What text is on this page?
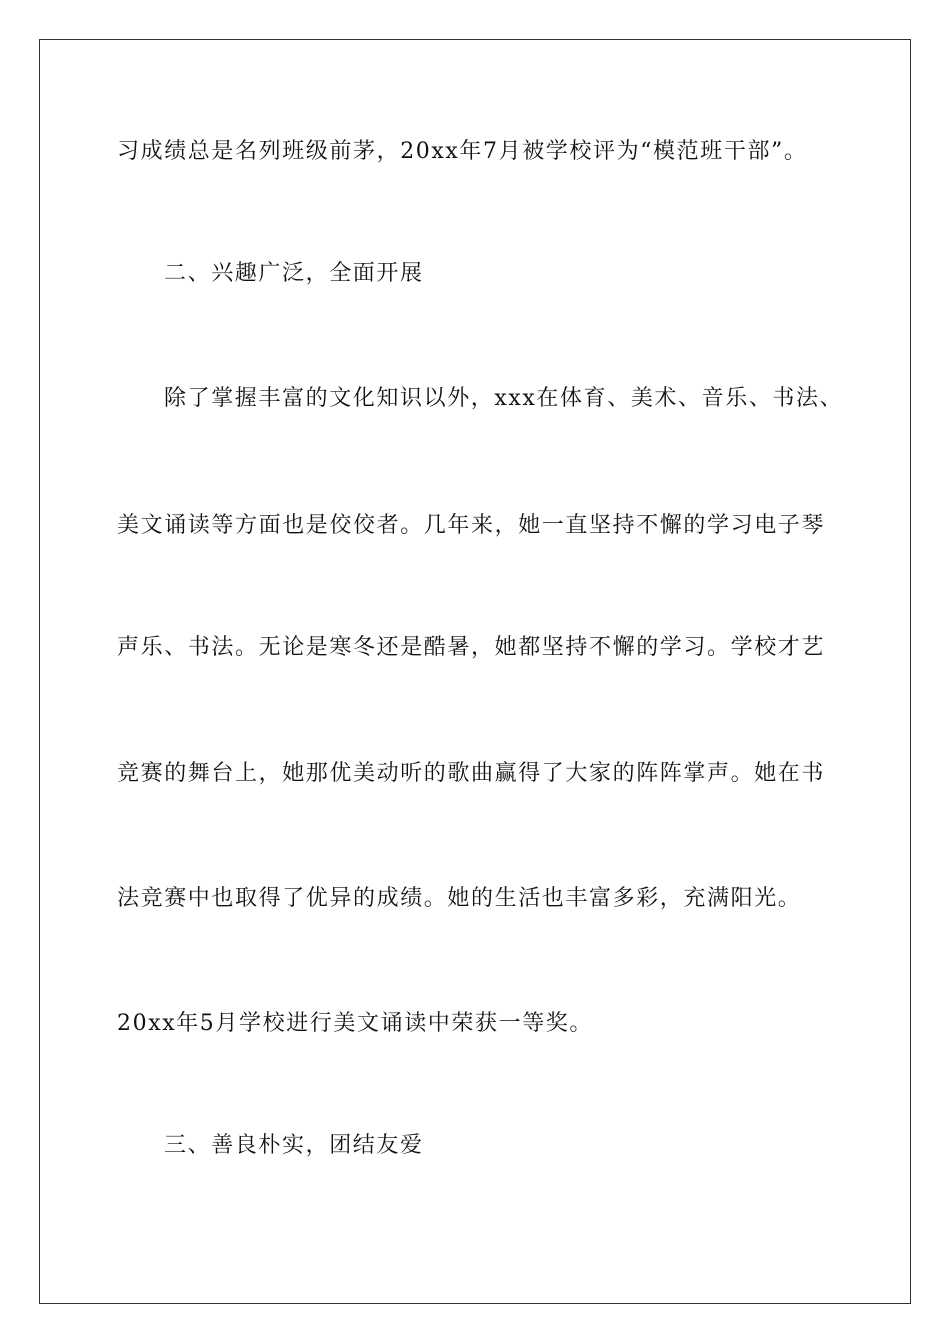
习成绩总是名列班级前茅，20xx年7月被学校评为“模范班干部”。
二、兴趣广泛，全面开展
除了掌握丰富的文化知识以外，xxx在体育、美术、音乐、书法、
美文诵读等方面也是佼佼者。几年来，她一直坚持不懈的学习电子琴
声乐、书法。无论是寒冬还是酷暑，她都坚持不懈的学习。学校才艺
竞赛的舞台上，她那优美动听的歌曲赢得了大家的阵阵掌声。她在书
法竞赛中也取得了优异的成绩。她的生活也丰富多彩，充满阳光。
20xx年5月学校进行美文诵读中荣获一等奖。
三、善良朴实，团结友爱
